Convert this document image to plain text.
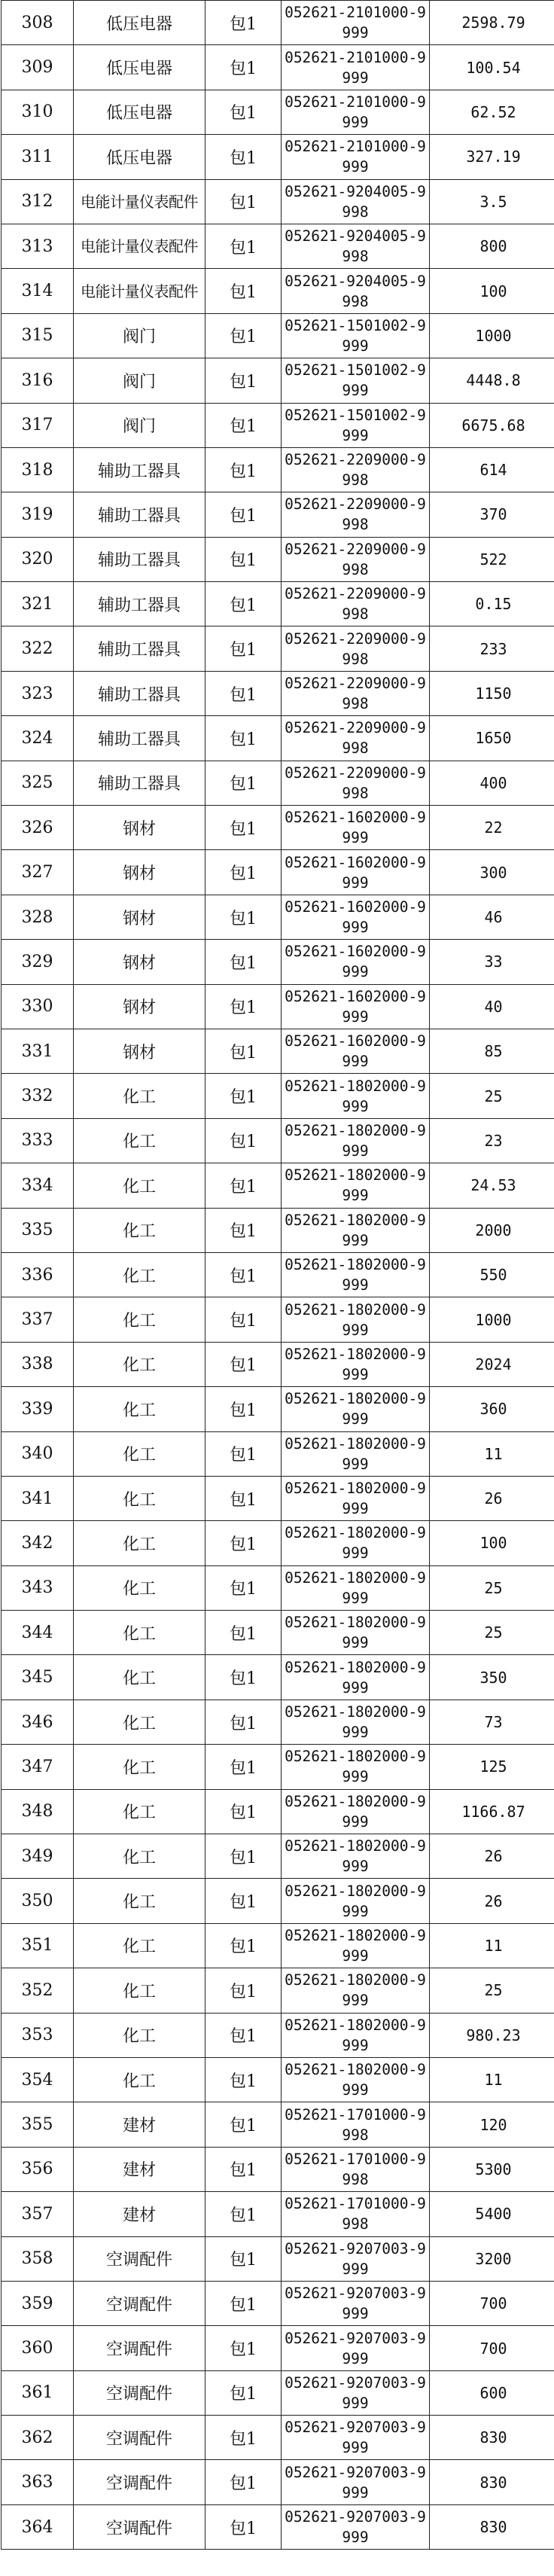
308	低压电器	包1	052621-2101000-9999	2598.79
309	低压电器	包1	052621-2101000-9999	100.54
310	低压电器	包1	052621-2101000-9999	62.52
311	低压电器	包1	052621-2101000-9999	327.19
312	电能计量仪表配件	包1	052621-9204005-9998	3.5
313	电能计量仪表配件	包1	052621-9204005-9998	800
314	电能计量仪表配件	包1	052621-9204005-9998	100
315	阀门	包1	052621-1501002-9999	1000
316	阀门	包1	052621-1501002-9999	4448.8
317	阀门	包1	052621-1501002-9999	6675.68
318	辅助工器具	包1	052621-2209000-9998	614
319	辅助工器具	包1	052621-2209000-9998	370
320	辅助工器具	包1	052621-2209000-9998	522
321	辅助工器具	包1	052621-2209000-9998	0.15
322	辅助工器具	包1	052621-2209000-9998	233
323	辅助工器具	包1	052621-2209000-9998	1150
324	辅助工器具	包1	052621-2209000-9998	1650
325	辅助工器具	包1	052621-2209000-9998	400
326	钢材	包1	052621-1602000-9999	22
327	钢材	包1	052621-1602000-9999	300
328	钢材	包1	052621-1602000-9999	46
329	钢材	包1	052621-1602000-9999	33
330	钢材	包1	052621-1602000-9999	40
331	钢材	包1	052621-1602000-9999	85
332	化工	包1	052621-1802000-9999	25
333	化工	包1	052621-1802000-9999	23
334	化工	包1	052621-1802000-9999	24.53
335	化工	包1	052621-1802000-9999	2000
336	化工	包1	052621-1802000-9999	550
337	化工	包1	052621-1802000-9999	1000
338	化工	包1	052621-1802000-9999	2024
339	化工	包1	052621-1802000-9999	360
340	化工	包1	052621-1802000-9999	11
341	化工	包1	052621-1802000-9999	26
342	化工	包1	052621-1802000-9999	100
343	化工	包1	052621-1802000-9999	25
344	化工	包1	052621-1802000-9999	25
345	化工	包1	052621-1802000-9999	350
346	化工	包1	052621-1802000-9999	73
347	化工	包1	052621-1802000-9999	125
348	化工	包1	052621-1802000-9999	1166.87
349	化工	包1	052621-1802000-9999	26
350	化工	包1	052621-1802000-9999	26
351	化工	包1	052621-1802000-9999	11
352	化工	包1	052621-1802000-9999	25
353	化工	包1	052621-1802000-9999	980.23
354	化工	包1	052621-1802000-9999	11
355	建材	包1	052621-1701000-9998	120
356	建材	包1	052621-1701000-9998	5300
357	建材	包1	052621-1701000-9998	5400
358	空调配件	包1	052621-9207003-9999	3200
359	空调配件	包1	052621-9207003-9999	700
360	空调配件	包1	052621-9207003-9999	700
361	空调配件	包1	052621-9207003-9999	600
362	空调配件	包1	052621-9207003-9999	830
363	空调配件	包1	052621-9207003-9999	830
364	空调配件	包1	052621-9207003-9999	830
